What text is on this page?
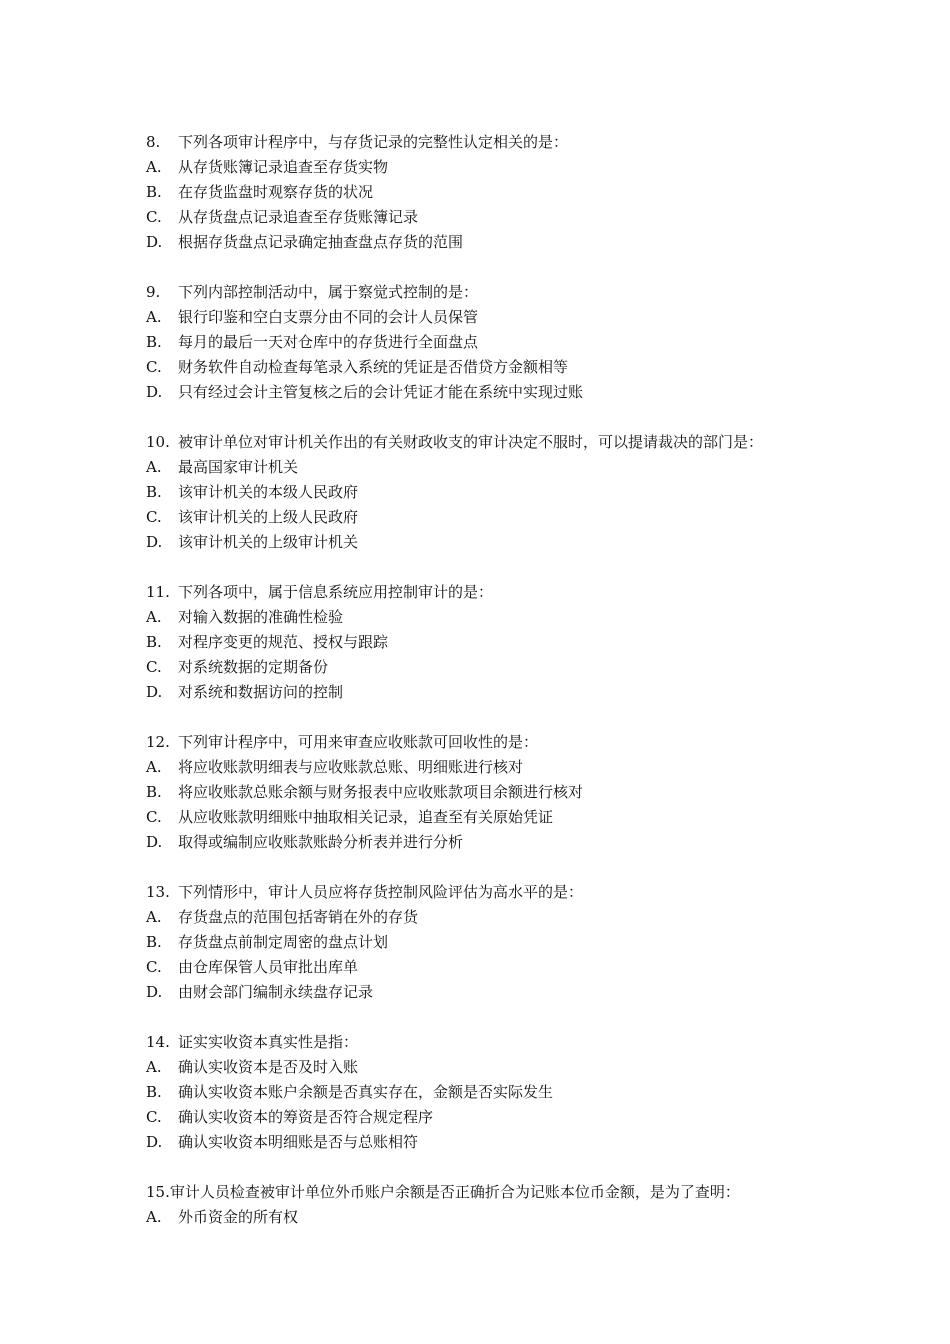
8.	下列各项审计程序中，与存货记录的完整性认定相关的是：
A.	从存货账簿记录追查至存货实物
B.	在存货监盘时观察存货的状况
C.	从存货盘点记录追查至存货账簿记录
D.	根据存货盘点记录确定抽查盘点存货的范围
9.	下列内部控制活动中，属于察觉式控制的是：
A.	银行印鉴和空白支票分由不同的会计人员保管
B.	每月的最后一天对仓库中的存货进行全面盘点
C.	财务软件自动检查每笔录入系统的凭证是否借贷方金额相等
D.	只有经过会计主管复核之后的会计凭证才能在系统中实现过账
10. 被审计单位对审计机关作出的有关财政收支的审计决定不服时，可以提请裁决的部门是：
A.	最高国家审计机关
B.	该审计机关的本级人民政府
C.	该审计机关的上级人民政府
D.	该审计机关的上级审计机关
11. 下列各项中，属于信息系统应用控制审计的是：
A.	对输入数据的准确性检验
B.	对程序变更的规范、授权与跟踪
C.	对系统数据的定期备份
D.	对系统和数据访问的控制
12. 下列审计程序中，可用来审查应收账款可回收性的是：
A.	将应收账款明细表与应收账款总账、明细账进行核对
B.	将应收账款总账余额与财务报表中应收账款项目余额进行核对
C.	从应收账款明细账中抽取相关记录，追查至有关原始凭证
D.	取得或编制应收账款账龄分析表并进行分析
13. 下列情形中，审计人员应将存货控制风险评估为高水平的是：
A.	存货盘点的范围包括寄销在外的存货
B.	存货盘点前制定周密的盘点计划
C.	由仓库保管人员审批出库单
D.	由财会部门编制永续盘存记录
14. 证实实收资本真实性是指：
A.	确认实收资本是否及时入账
B.	确认实收资本账户余额是否真实存在，金额是否实际发生
C.	确认实收资本的筹资是否符合规定程序
D.	确认实收资本明细账是否与总账相符
15. 审计人员检查被审计单位外币账户余额是否正确折合为记账本位币金额，是为了查明：
A.	外币资金的所有权
